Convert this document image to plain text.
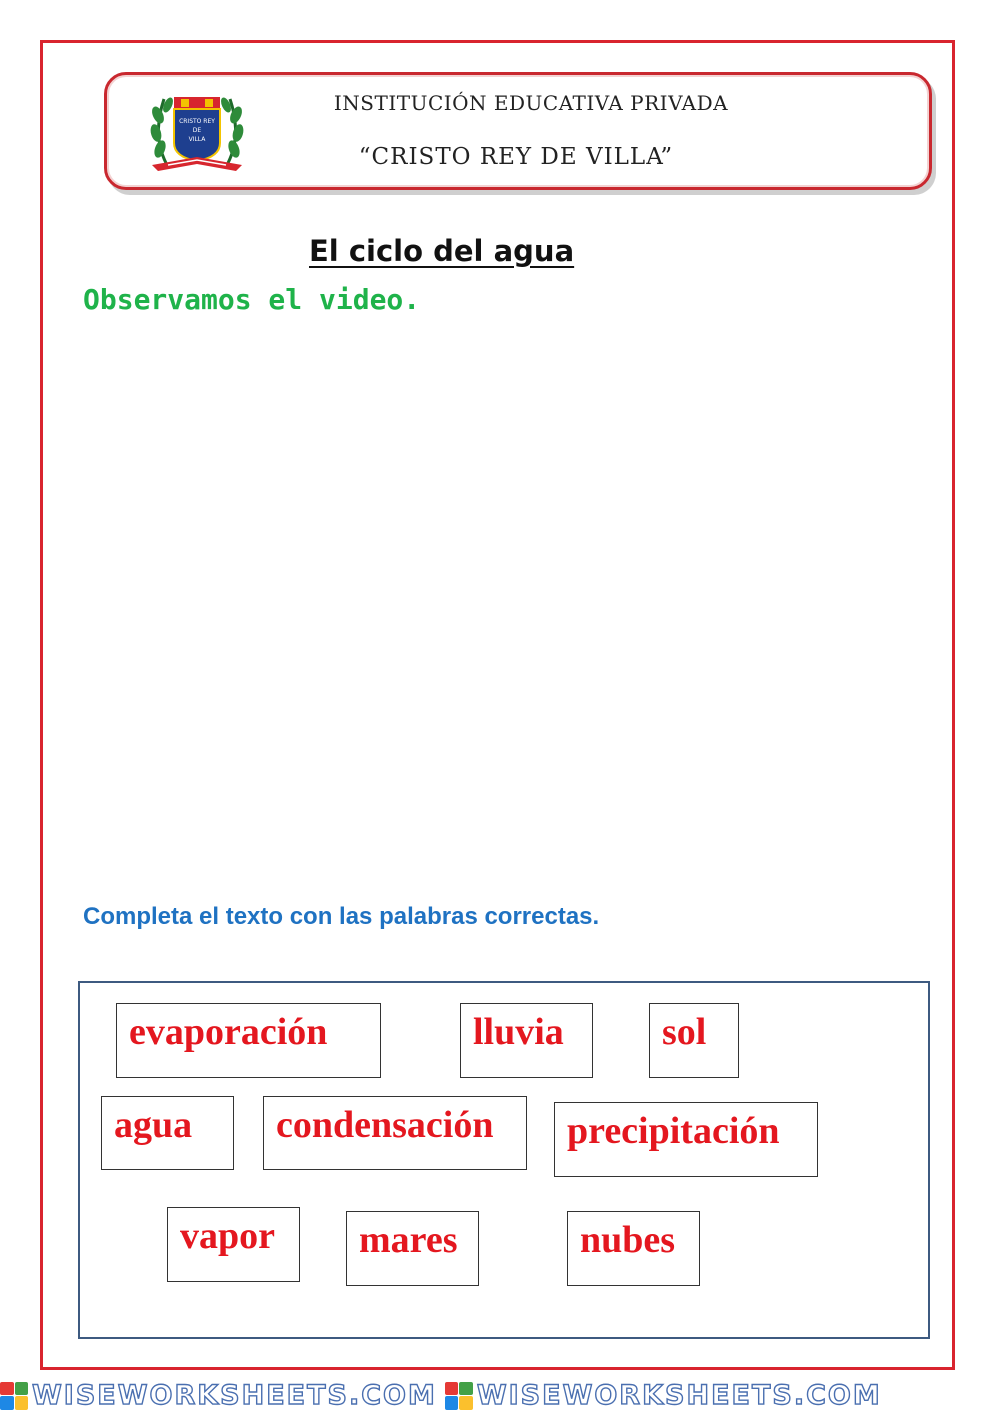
CRISTO REY
DE
VILLA
INSTITUCIÓN EDUCATIVA PRIVADA
“CRISTO REY DE VILLA”
El ciclo del agua
Observamos el video.
Completa el texto con las palabras correctas.
evaporación	lluvia	sol
agua condensación precipitación
vapor mares	nubes
WISEWORKSHEETS.COM WISEWORKSHEETS.COM
